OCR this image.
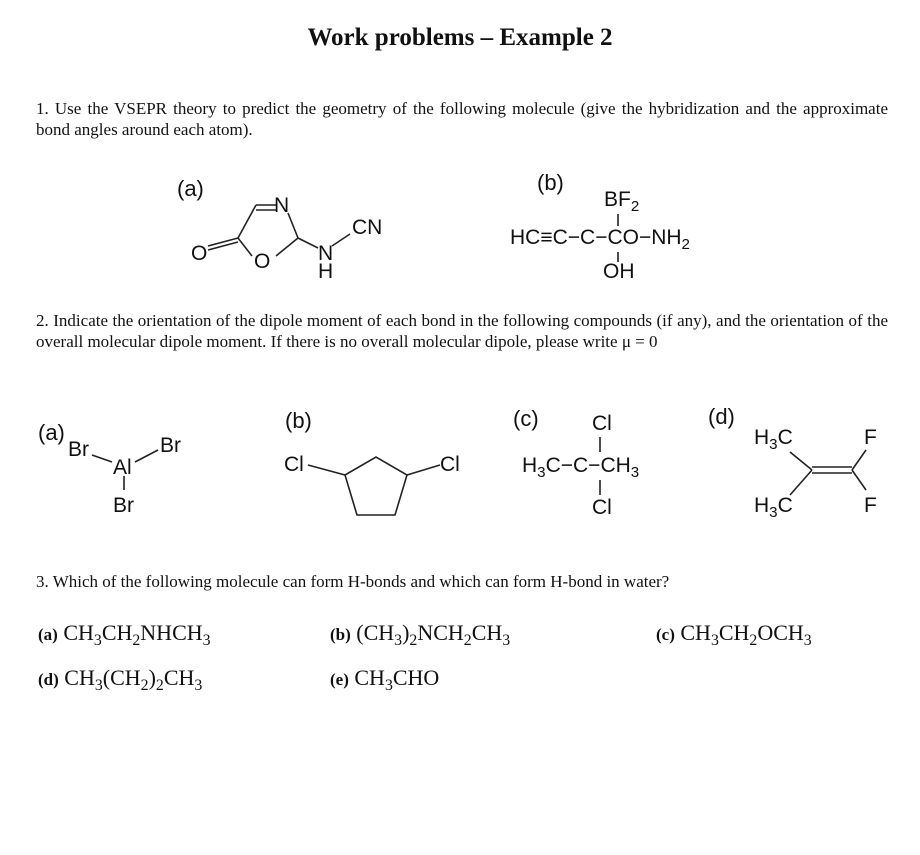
Work problems – Example 2
1. Use the VSEPR theory to predict the geometry of the following molecule (give the hybridization and the approximate bond angles around each atom).
(a)	(b)
2. Indicate the orientation of the dipole moment of each bond in the following compounds (if any), and the orientation of the overall molecular dipole moment. If there is no overall molecular dipole, please write μ = 0
(a)	(b)	(c)	(d)
3. Which of the following molecule can form H-bonds and which can form H-bond in water?
N
CN
N
H
O O
$BF_2$
$HC\equiv C-C-CO-NH_2$
OH
Br	Br
Al
Br
Cl	Cl
Cl
$H_3C-C-CH_3$
Cl
$H_3C$
$H_3C$
F
F
(a) $CH_3CH_2NHCH_3$	(b) $(CH_3)_2NCH_2CH_3$	(c) $CH_3CH_2OCH_3$
(d) $CH_3(CH_2)_2CH_3$	(e) $CH_3CHO$
